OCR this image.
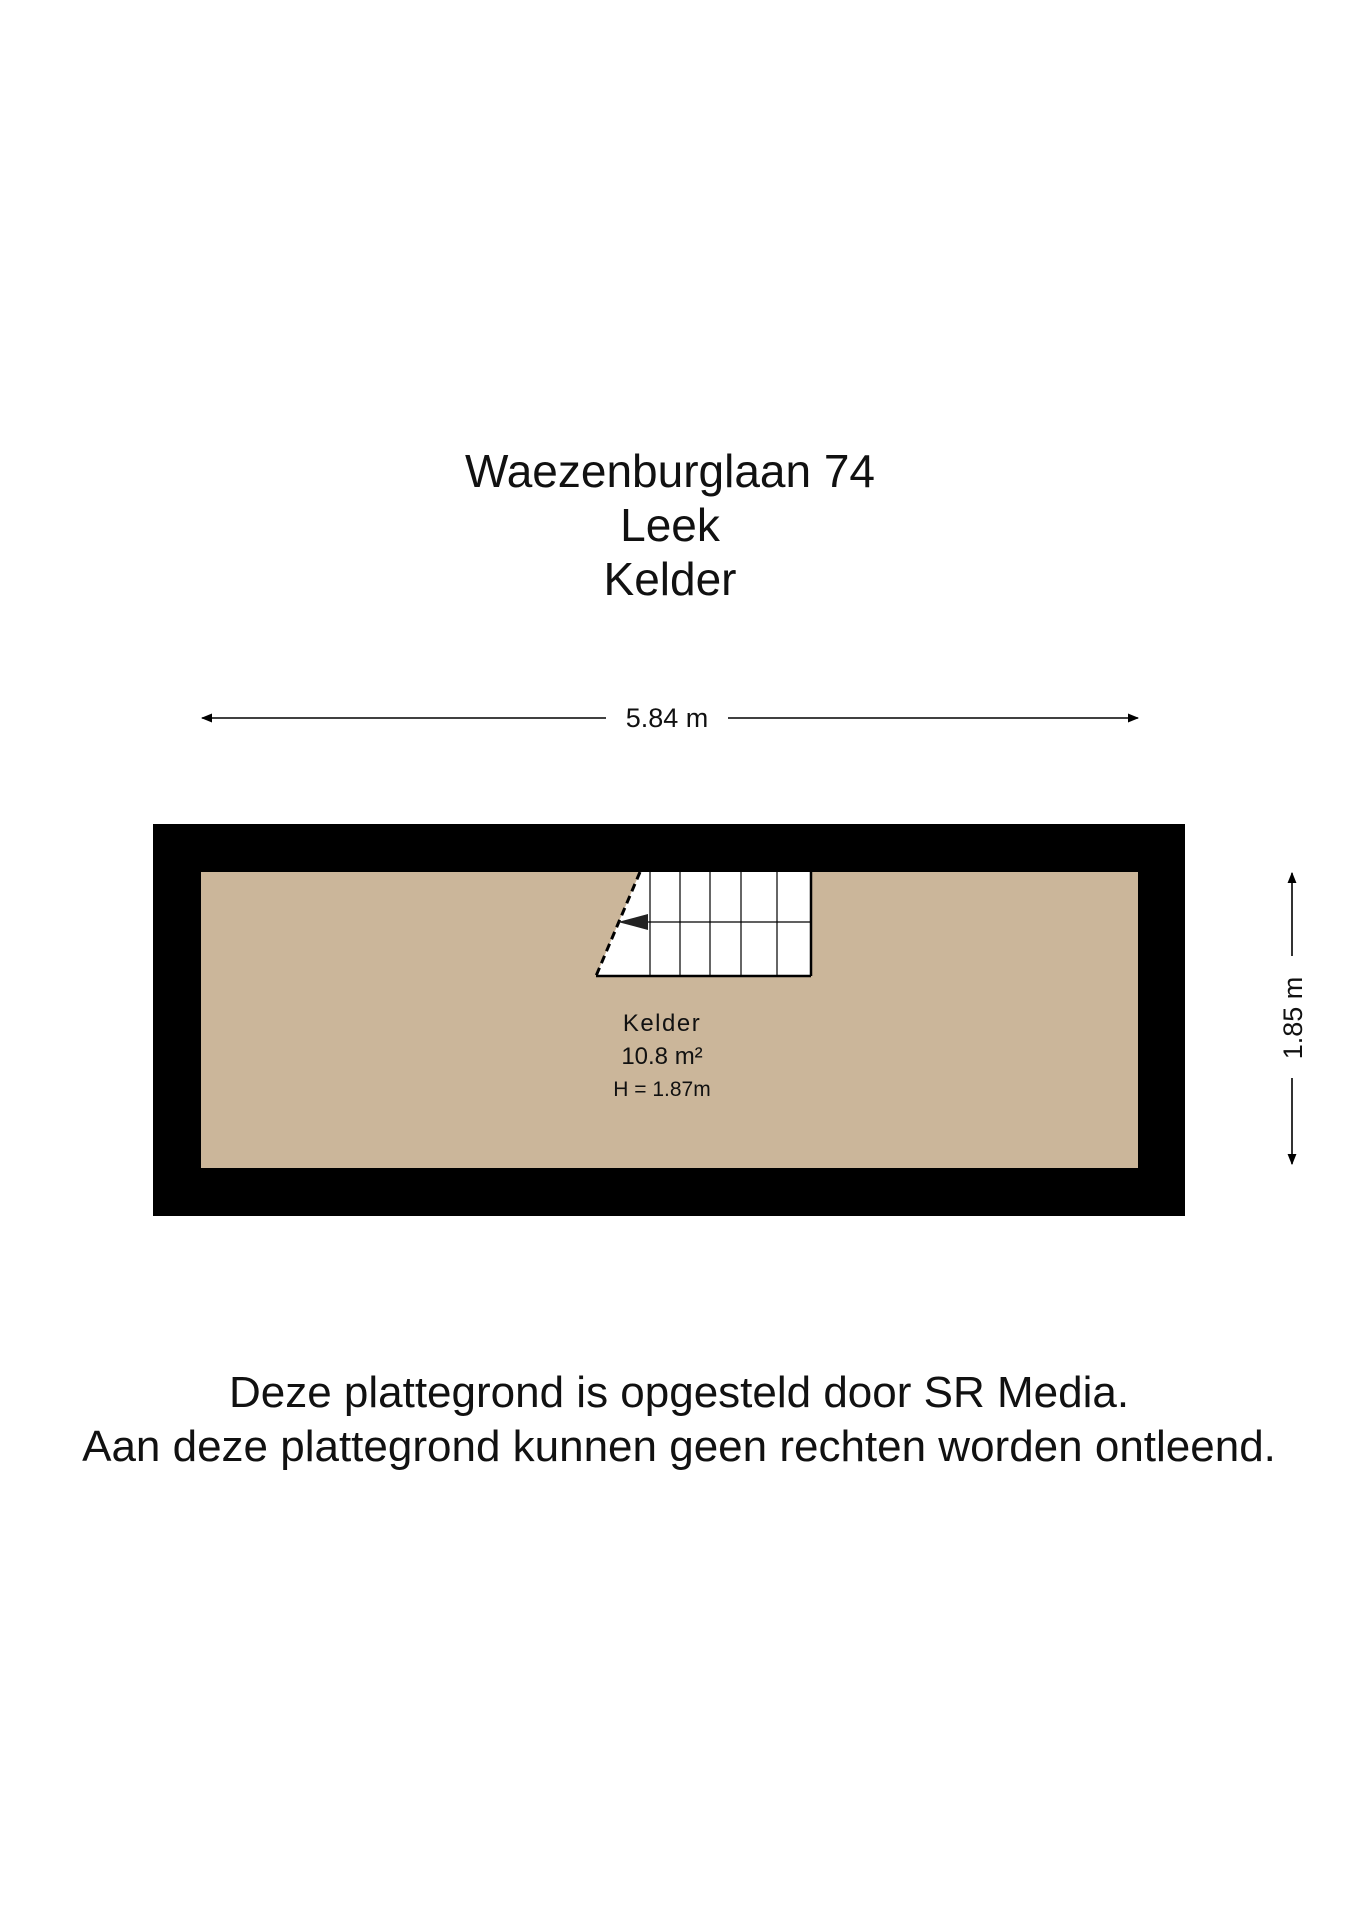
Waezenburglaan 74
Leek
Kelder
5.84 m
Kelder
10.8 m²
H = 1.87m
1.85 m
Deze plattegrond is opgesteld door SR Media.
Aan deze plattegrond kunnen geen rechten worden ontleend.
